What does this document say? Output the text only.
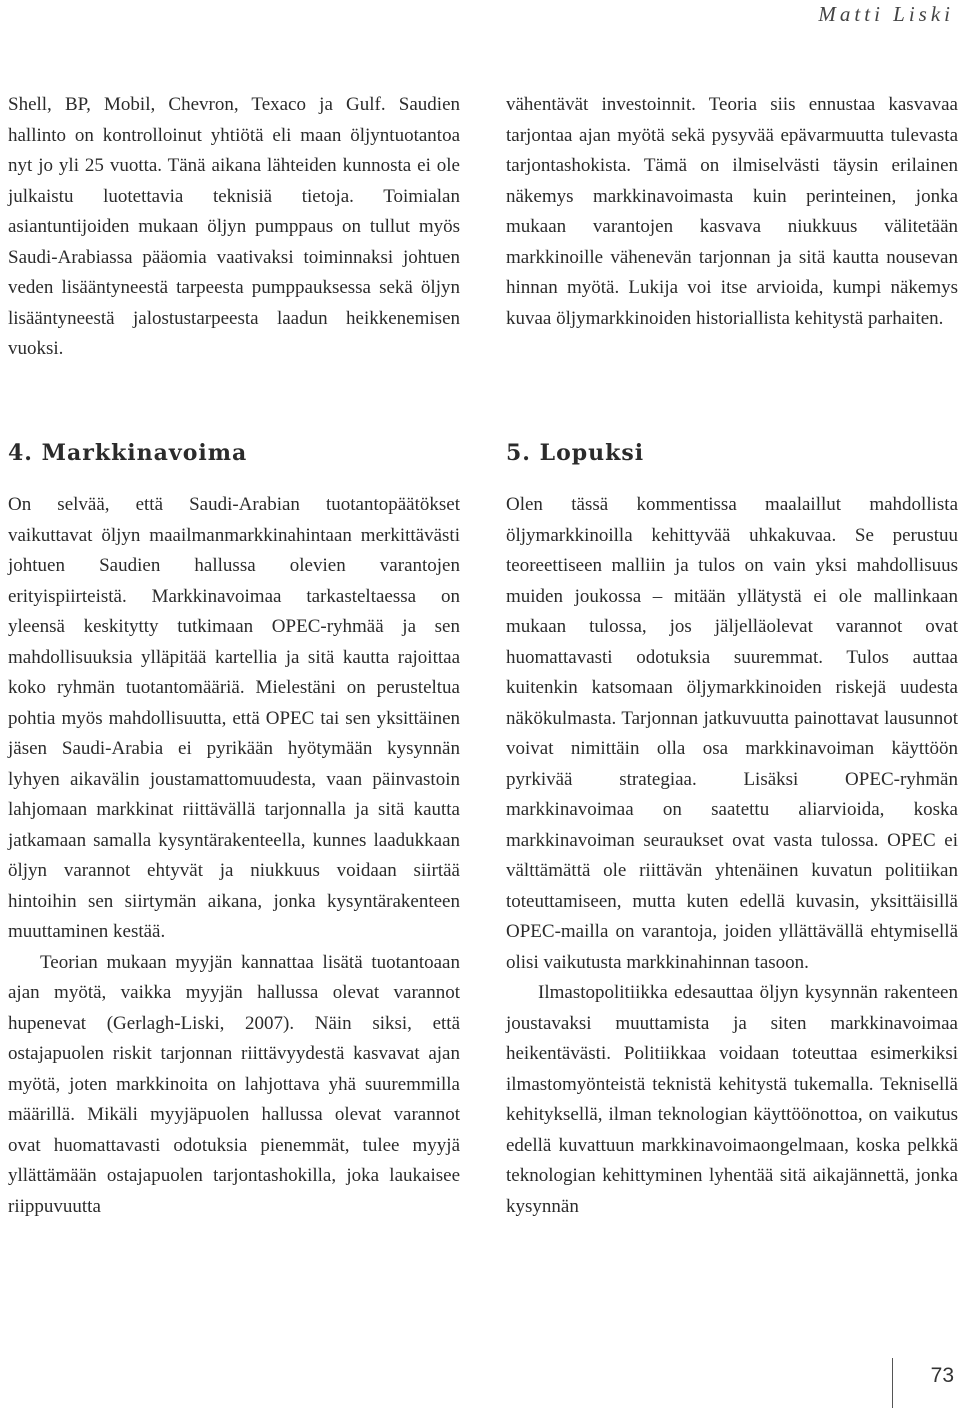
Matti Liski

Shell, BP, Mobil, Chevron, Texaco ja Gulf. Saudien hallinto on kontrolloinut yhtiötä eli maan öljyntuotantoa nyt jo yli 25 vuotta. Tänä aikana lähteiden kunnosta ei ole julkaistu luotettavia teknisiä tietoja. Toimialan asiantuntijoiden mukaan öljyn pumppaus on tullut myös Saudi-Arabiassa pääomia vaativaksi toiminnaksi johtuen veden lisääntyneestä tarpeesta pumppauksessa sekä öljyn lisääntyneestä jalostustarpeesta laadun heikkenemisen vuoksi.

4. Markkinavoima

On selvää, että Saudi-Arabian tuotantopäätökset vaikuttavat öljyn maailmanmarkkinahintaan merkittävästi johtuen Saudien hallussa olevien varantojen erityispiirteistä. Markkinavoimaa tarkasteltaessa on yleensä keskitytty tutkimaan OPEC-ryhmää ja sen mahdollisuuksia ylläpitää kartellia ja sitä kautta rajoittaa koko ryhmän tuotantomääriä. Mielestäni on perusteltua pohtia myös mahdollisuutta, että OPEC tai sen yksittäinen jäsen Saudi-Arabia ei pyrikään hyötymään kysynnän lyhyen aikavälin joustamattomuudesta, vaan päinvastoin lahjomaan markkinat riittävällä tarjonnalla ja sitä kautta jatkamaan samalla kysyntärakenteella, kunnes laadukkaan öljyn varannot ehtyvät ja niukkuus voidaan siirtää hintoihin sen siirtymän aikana, jonka kysyntärakenteen muuttaminen kestää.

Teorian mukaan myyjän kannattaa lisätä tuotantoaan ajan myötä, vaikka myyjän hallussa olevat varannot hupenevat (Gerlagh-Liski, 2007). Näin siksi, että ostajapuolen riskit tarjonnan riittävyydestä kasvavat ajan myötä, joten markkinoita on lahjottava yhä suuremmilla määrillä. Mikäli myyjäpuolen hallussa olevat varannot ovat huomattavasti odotuksia pienemmät, tulee myyjä yllättämään ostajapuolen tarjontashokilla, joka laukaisee riippuvuutta

vähentävät investoinnit. Teoria siis ennustaa kasvavaa tarjontaa ajan myötä sekä pysyvää epävarmuutta tulevasta tarjontashokista. Tämä on ilmiselvästi täysin erilainen näkemys markkinavoimasta kuin perinteinen, jonka mukaan varantojen kasvava niukkuus välitetään markkinoille vähenevän tarjonnan ja sitä kautta nousevan hinnan myötä. Lukija voi itse arvioida, kumpi näkemys kuvaa öljymarkkinoiden historiallista kehitystä parhaiten.

5. Lopuksi

Olen tässä kommentissa maalaillut mahdollista öljymarkkinoilla kehittyvää uhkakuvaa. Se perustuu teoreettiseen malliin ja tulos on vain yksi mahdollisuus muiden joukossa – mitään yllätystä ei ole mallinkaan mukaan tulossa, jos jäljelläolevat varannot ovat huomattavasti odotuksia suuremmat. Tulos auttaa kuitenkin katsomaan öljymarkkinoiden riskejä uudesta näkökulmasta. Tarjonnan jatkuvuutta painottavat lausunnot voivat nimittäin olla osa markkinavoiman käyttöön pyrkivää strategiaa. Lisäksi OPEC-ryhmän markkinavoimaa on saatettu aliarvioida, koska markkinavoiman seuraukset ovat vasta tulossa. OPEC ei välttämättä ole riittävän yhtenäinen kuvatun politiikan toteuttamiseen, mutta kuten edellä kuvasin, yksittäisillä OPEC-mailla on varantoja, joiden yllättävällä ehtymisellä olisi vaikutusta markkinahinnan tasoon.

Ilmastopolitiikka edesauttaa öljyn kysynnän rakenteen joustavaksi muuttamista ja siten markkinavoimaa heikentävästi. Politiikkaa voidaan toteuttaa esimerkiksi ilmastomyönteistä teknistä kehitystä tukemalla. Teknisellä kehityksellä, ilman teknologian käyttöönottoa, on vaikutus edellä kuvattuun markkinavoimaongelmaan, koska pelkkä teknologian kehittyminen lyhentää sitä aikajännettä, jonka kysynnän

73
